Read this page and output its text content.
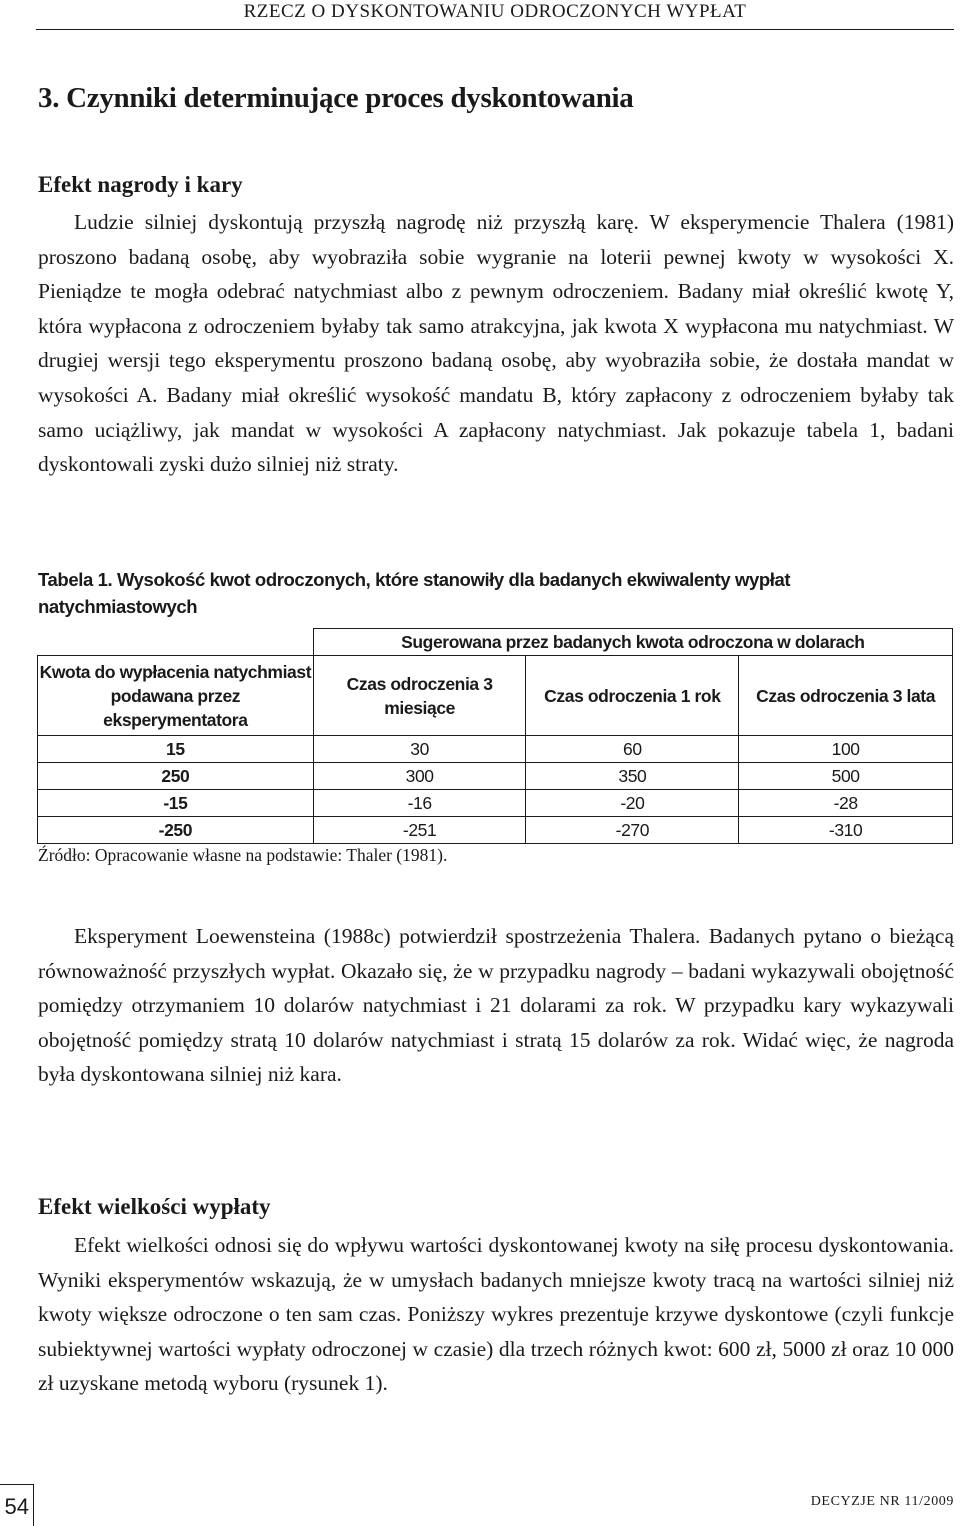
RZECZ O DYSKONTOWANIU ODROCZONYCH WYPŁAT
3. Czynniki determinujące proces dyskontowania
Efekt nagrody i kary

Ludzie silniej dyskontują przyszłą nagrodę niż przyszłą karę. W eksperymencie Thalera (1981) proszono badaną osobę, aby wyobraziła sobie wygranie na loterii pewnej kwoty w wysokości X. Pieniądze te mogła odebrać natychmiast albo z pewnym odroczeniem. Badany miał określić kwotę Y, która wypłacona z odroczeniem byłaby tak samo atrakcyjna, jak kwota X wypłacona mu natychmiast. W drugiej wersji tego eksperymentu proszono badaną osobę, aby wyobraziła sobie, że dostała mandat w wysokości A. Badany miał określić wysokość mandatu B, który zapłacony z odroczeniem byłaby tak samo uciążliwy, jak mandat w wysokości A zapłacony natychmiast. Jak pokazuje tabela 1, badani dyskontowali zyski dużo silniej niż straty.

Tabela 1. Wysokość kwot odroczonych, które stanowiły dla badanych ekwiwalenty wypłat natychmiastowych
	Sugerowana przez badanych kwota odroczona w dolarach		
Kwota do wypłacenia natychmiast podawana przez eksperymentatora	Czas odroczenia 3 miesiące	Czas odroczenia 1 rok	Czas odroczenia 3 lata
15	30	60	100
250	300	350	500
-15	-16	-20	-28
-250	-251	-270	-310
Źródło: Opracowanie własne na podstawie: Thaler (1981).

Eksperyment Loewensteina (1988c) potwierdził spostrzeżenia Thalera. Badanych pytano o bieżącą równoważność przyszłych wypłat. Okazało się, że w przypadku nagrody – badani wykazywali obojętność pomiędzy otrzymaniem 10 dolarów natychmiast i 21 dolarami za rok. W przypadku kary wykazywali obojętność pomiędzy stratą 10 dolarów natychmiast i stratą 15 dolarów za rok. Widać więc, że nagroda była dyskontowana silniej niż kara.

Efekt wielkości wypłaty

Efekt wielkości odnosi się do wpływu wartości dyskontowanej kwoty na siłę procesu dyskontowania. Wyniki eksperymentów wskazują, że w umysłach badanych mniejsze kwoty tracą na wartości silniej niż kwoty większe odroczone o ten sam czas. Poniższy wykres prezentuje krzywe dyskontowe (czyli funkcje subiektywnej wartości wypłaty odroczonej w czasie) dla trzech różnych kwot: 600 zł, 5000 zł oraz 10 000 zł uzyskane metodą wyboru (rysunek 1).

54	DECYZJE NR 11/2009
